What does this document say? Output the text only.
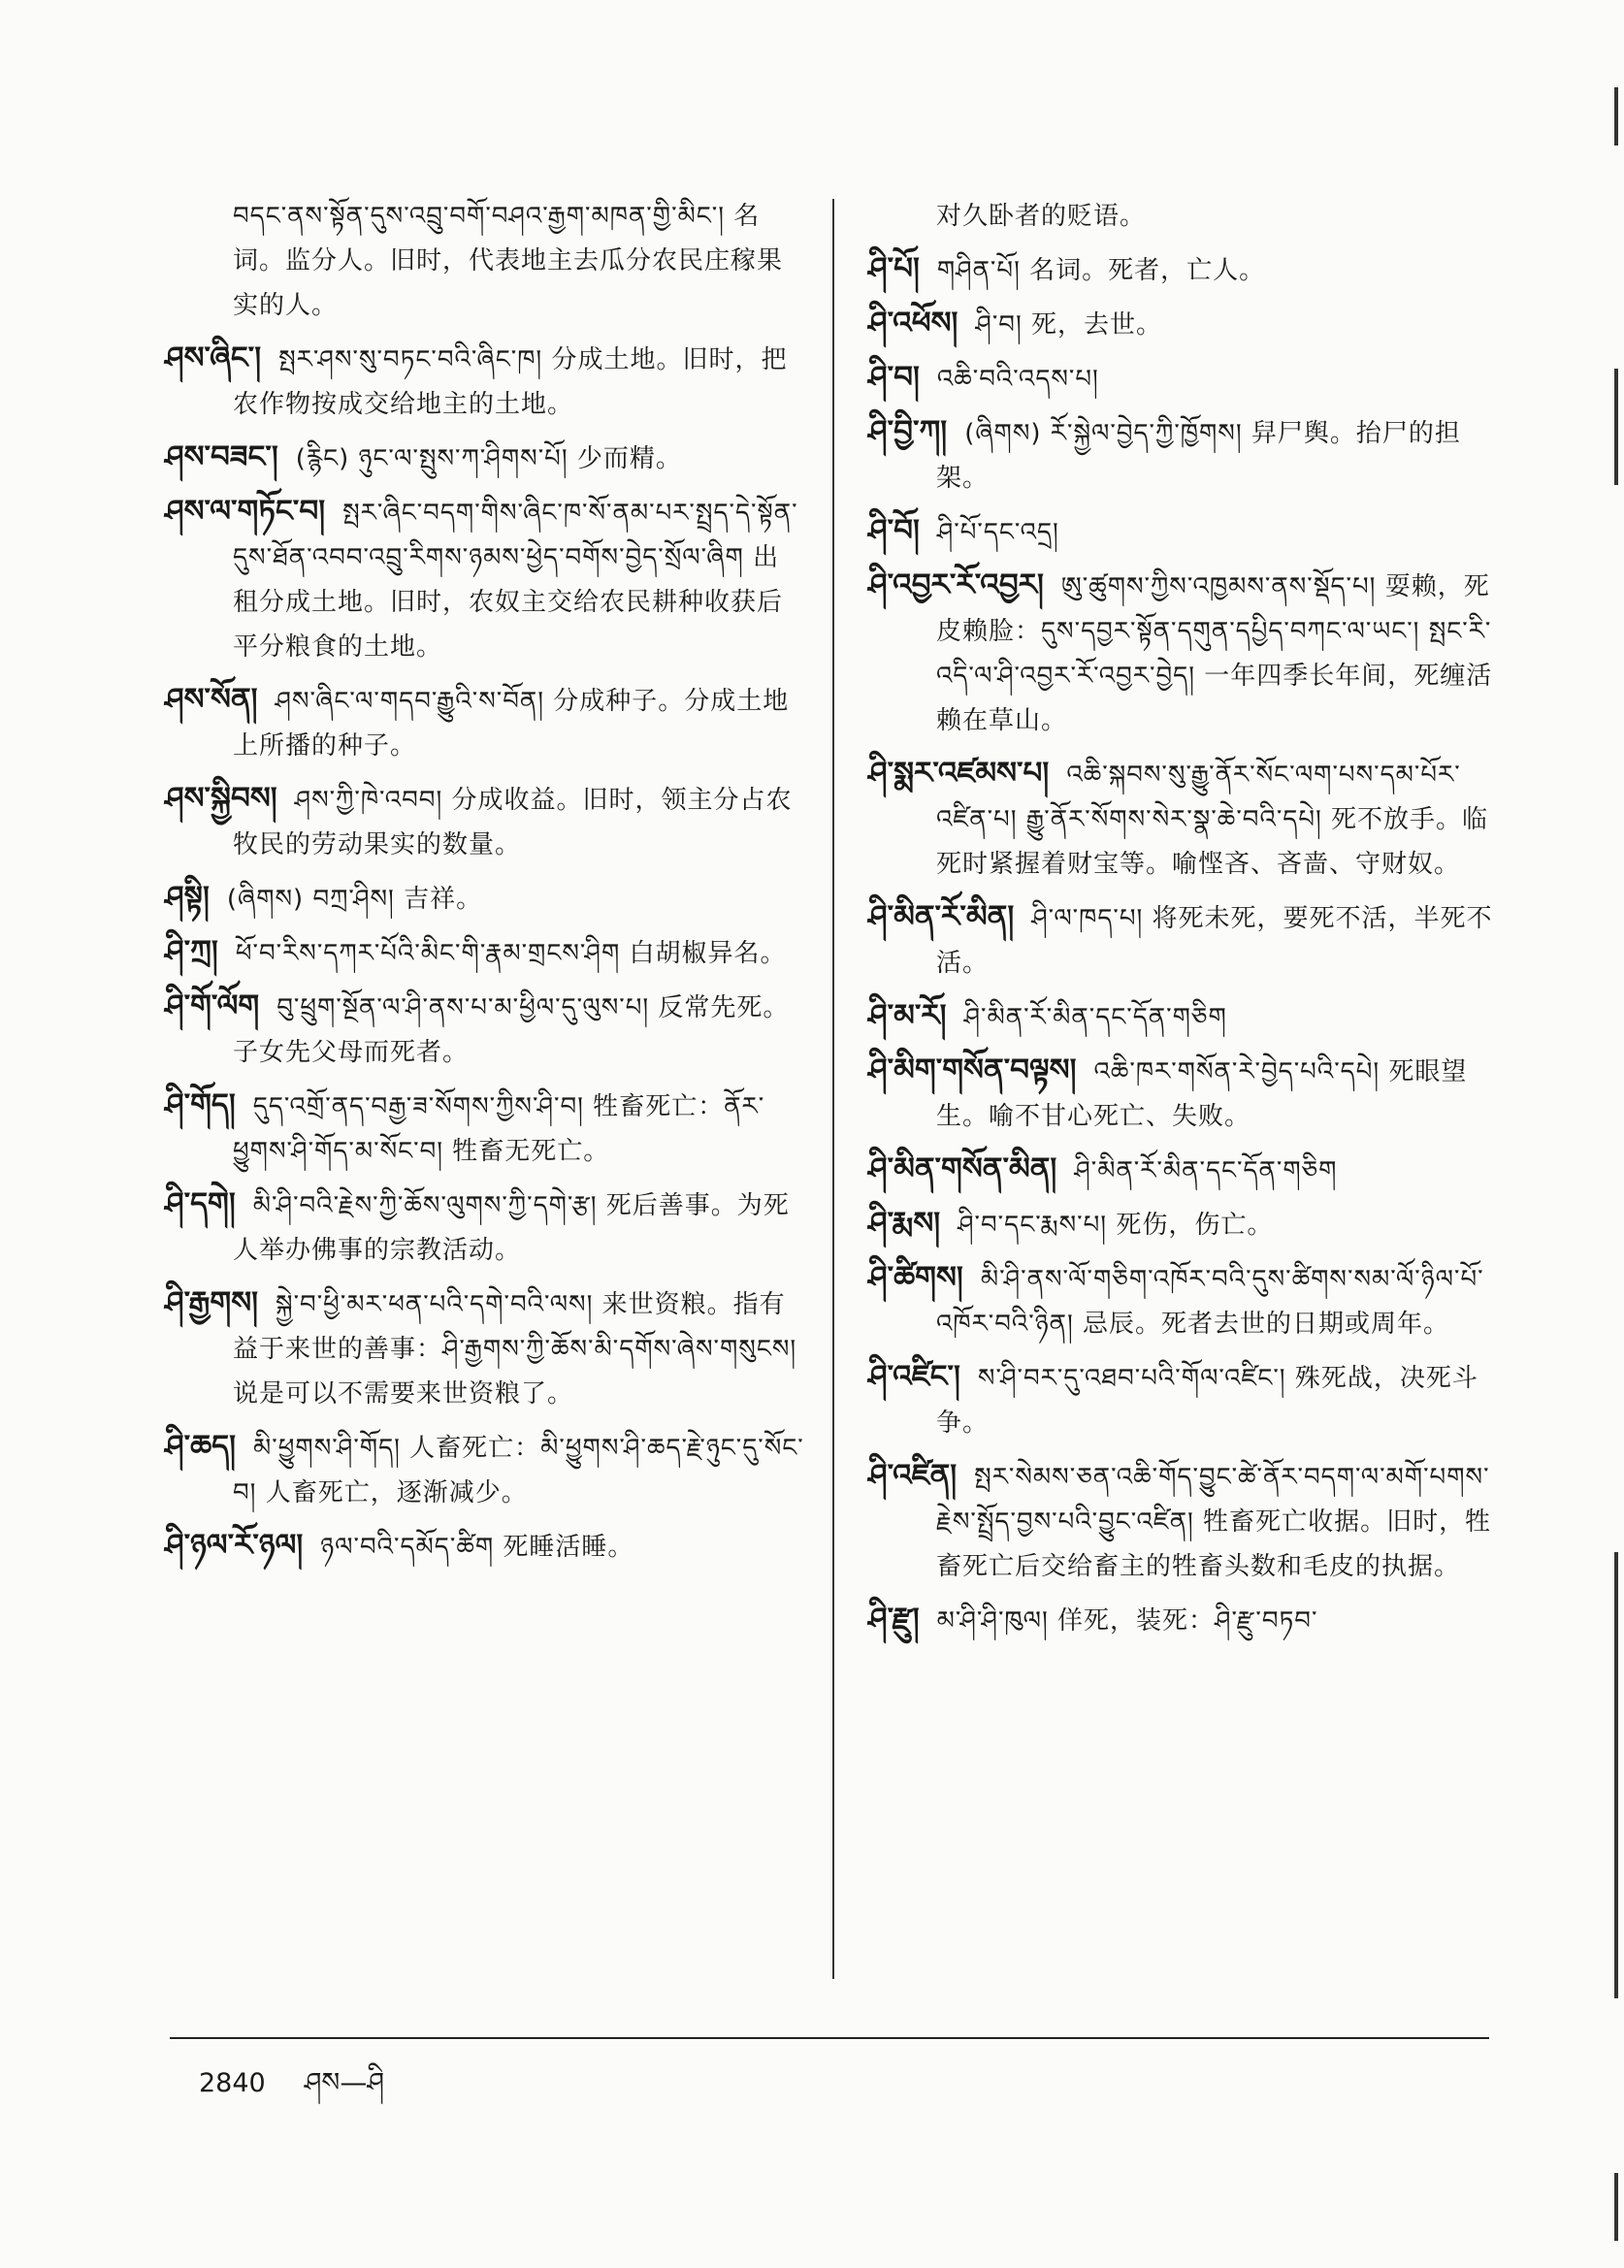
བདང་ནས་སྟོན་དུས་འབྲུ་བགོ་བཤའ་རྒྱག་མཁན་གྱི་མིང་། 名词。监分人。旧时，代表地主去瓜分农民庄稼果实的人。

ཤས་ཞིང་། སྤར་ཤས་སུ་བཏང་བའི་ཞིང་ཁ། 分成土地。旧时，把农作物按成交给地主的土地。

ཤས་བཟང་། (རྙིང) ཉུང་ལ་སྤུས་ཀ་ཤིགས་པོ། 少而精。

ཤས་ལ་གཏོང་བ། སྤར་ཞིང་བདག་གིས་ཞིང་ཁ་སོ་ནམ་པར་སྤྲད་དེ་སྟོན་དུས་ཐོན་འབབ་འབྲུ་རིགས་ཉམས་ཕྱེད་བགོས་བྱེད་སྲོལ་ཞིག 出租分成土地。旧时，农奴主交给农民耕种收获后平分粮食的土地。

ཤས་སོན། ཤས་ཞིང་ལ་གདབ་རྒྱུའི་ས་བོན། 分成种子。分成土地上所播的种子。

ཤས་སྐྱིབས། ཤས་ཀྱི་ཁེ་འབབ། 分成收益。旧时，领主分占农牧民的劳动果实的数量。

ཤསྟི། (ཞིགས) བཀྲ་ཤིས། 吉祥。

ཤི་ཀྲ། ཕོ་བ་རིས་དཀར་པོའི་མིང་གི་རྣམ་གྲངས་ཤིག 白胡椒异名。

ཤི་གོ་ལོག བུ་ཕྲུག་སྔོན་ལ་ཤི་ནས་པ་མ་ཕྱིལ་དུ་ལུས་པ། 反常先死。子女先父母而死者。

ཤི་གོད། དུད་འགྲོ་ནད་བརྒྱ་ཟ་སོགས་ཀྱིས་ཤི་བ། 牲畜死亡：ནོར་ཕྱུགས་ཤི་གོད་མ་སོང་བ། 牲畜无死亡。

ཤི་དགེ། མི་ཤི་བའི་རྗེས་ཀྱི་ཆོས་ལུགས་ཀྱི་དགེ་རྩ། 死后善事。为死人举办佛事的宗教活动。

ཤི་རྒྱགས། སྐྱེ་བ་ཕྱི་མར་ཕན་པའི་དགེ་བའི་ལས། 来世资粮。指有益于来世的善事：ཤི་རྒྱགས་ཀྱི་ཆོས་མི་དགོས་ཞེས་གསུངས། 说是可以不需要来世资粮了。

ཤི་ཆད། མི་ཕྱུགས་ཤི་གོད། 人畜死亡：མི་ཕྱུགས་ཤི་ཆད་རྗེ་ཉུང་དུ་སོང་བ། 人畜死亡，逐渐减少。

ཤི་ཉལ་རོ་ཉལ། ཉལ་བའི་དམོད་ཚིག 死睡活睡。

对久卧者的贬语。

ཤི་པོ། གཤིན་པོ། 名词。死者，亡人。

ཤི་འཕོས། ཤི་བ། 死，去世。

ཤི་བ། འཆི་བའི་འདས་པ།

ཤི་བྱི་ཀ། (ཞིགས) རོ་སྐྱེལ་བྱེད་ཀྱི་ཁྱོགས། 舁尸舆。抬尸的担架。

ཤི་བོ། ཤི་པོ་དང་འདྲ།

ཤི་འབྱར་རོ་འབྱར། ཨུ་ཚུགས་ཀྱིས་འཁྱམས་ནས་སྡོད་པ། 耍赖，死皮赖脸：དུས་དབྱར་སྟོན་དགུན་དཔྱིད་བཀང་ལ་ཡང་། སྤང་རི་འདི་ལ་ཤི་འབྱར་རོ་འབྱར་བྱེད། 一年四季长年间，死缠活赖在草山。

ཤི་སྨར་འཛམས་པ། འཆི་སྐབས་སུ་རྒྱུ་ནོར་སོང་ལག་པས་དམ་པོར་འཛིན་པ། རྒྱུ་ནོར་སོགས་སེར་སྣ་ཆེ་བའི་དཔེ། 死不放手。临死时紧握着财宝等。喻悭吝、吝啬、守财奴。

ཤི་མིན་རོ་མིན། ཤི་ལ་ཁད་པ། 将死未死，要死不活，半死不活。

ཤི་མ་རོ། ཤི་མིན་རོ་མིན་དང་དོན་གཅིག

ཤི་མིག་གསོན་བལྟས། འཆི་ཁར་གསོན་རེ་བྱེད་པའི་དཔེ། 死眼望生。喻不甘心死亡、失败。

ཤི་མིན་གསོན་མིན། ཤི་མིན་རོ་མིན་དང་དོན་གཅིག

ཤི་རྨས། ཤི་བ་དང་རྨས་པ། 死伤，伤亡。

ཤི་ཚིགས། མི་ཤི་ནས་ལོ་གཅིག་འཁོར་བའི་དུས་ཚིགས་སམ་ལོ་ཉིལ་པོ་འཁོར་བའི་ཉིན། 忌辰。死者去世的日期或周年。

ཤི་འཛིང་། ས་ཤི་བར་དུ་འཐབ་པའི་གོལ་འཛིང་། 殊死战，决死斗争。

ཤི་འཛིན། སྤར་སེམས་ཅན་འཆི་གོད་བྱུང་ཚེ་ནོར་བདག་ལ་མགོ་པགས་རྗེས་སྤྲོད་བྱས་པའི་བྱུང་འཛིན། 牲畜死亡收据。旧时，牲畜死亡后交给畜主的牲畜头数和毛皮的执据。

ཤི་རྫུ། མ་ཤི་ཤི་ཁུལ། 佯死，装死：ཤི་རྫུ་བཏབ་

2840 ཤས—ཤི
